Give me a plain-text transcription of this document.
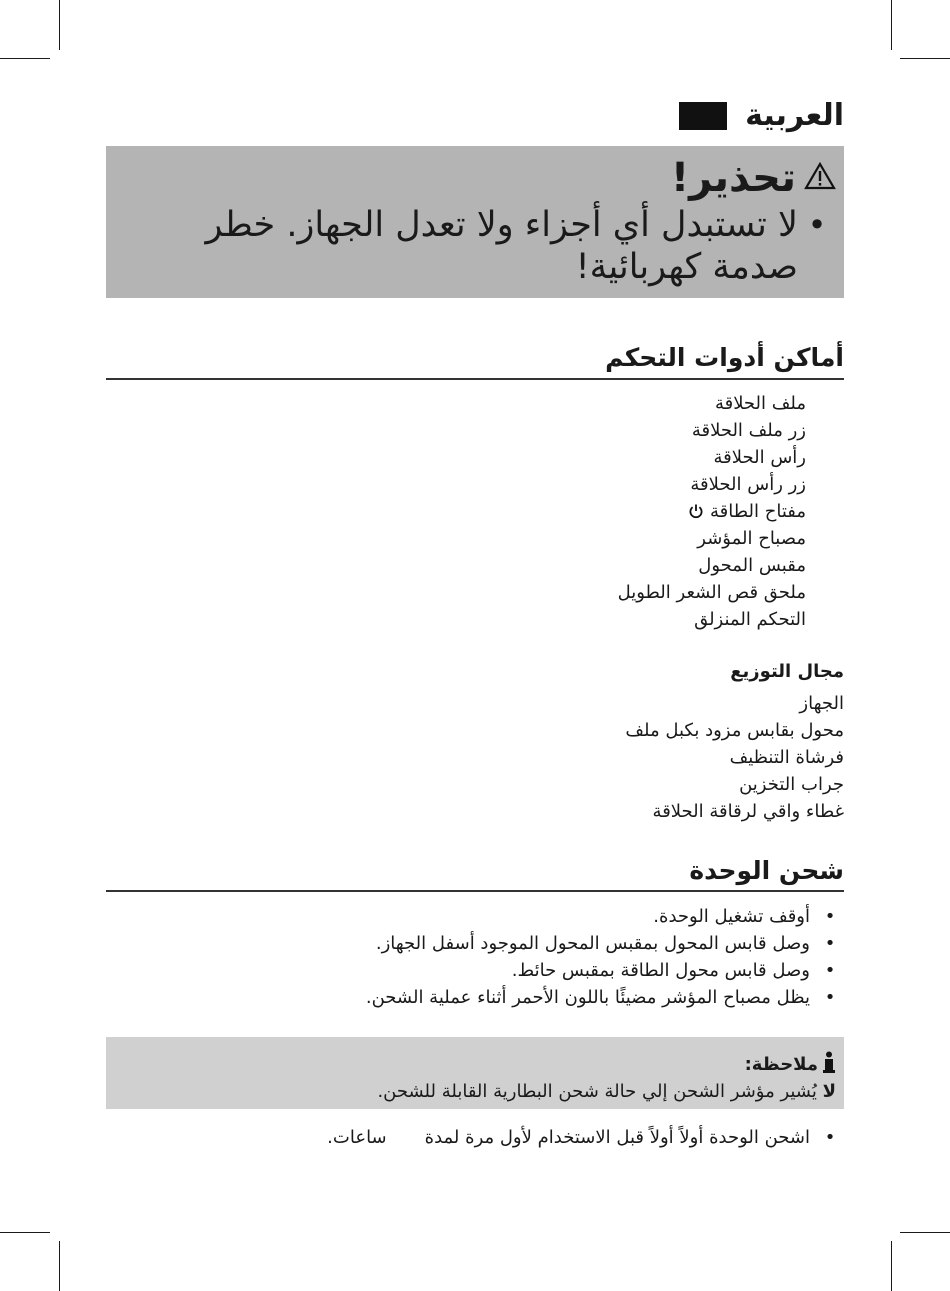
العربية
تحذير!
•
لا تستبدل أي أجزاء ولا تعدل الجهاز. خطر صدمة كهربائية!
أماكن أدوات التحكم
ملف الحلاقة
زر ملف الحلاقة
رأس الحلاقة
زر رأس الحلاقة
مفتاح الطاقة
مصباح المؤشر
مقبس المحول
ملحق قص الشعر الطويل
التحكم المنزلق
مجال التوزيع
الجهاز
محول بقابس مزود بكبل ملف
فرشاة التنظيف
جراب التخزين
غطاء واقي لرقاقة الحلاقة
شحن الوحدة
•
أوقف تشغيل الوحدة.
•
وصل قابس المحول بمقبس المحول الموجود أسفل الجهاز.
•
وصل قابس محول الطاقة بمقبس حائط.
•
يظل مصباح المؤشر مضيئًا باللون الأحمر أثناء عملية الشحن.
ملاحظة:
لا يُشير مؤشر الشحن إلي حالة شحن البطارية القابلة للشحن.
•
اشحن الوحدة أولاً أولاً قبل الاستخدام لأول مرة لمدة
ساعات.
